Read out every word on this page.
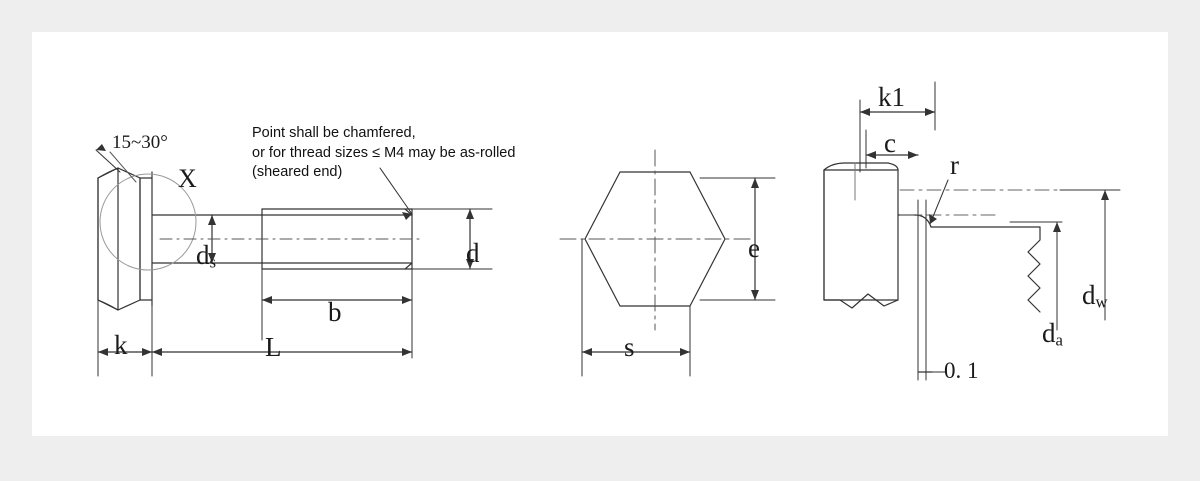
15~30°
X
Point shall be chamfered,
or for thread sizes ≤ M4 may be as-rolled
(sheared end)
$d_s$	d
b
L
k
e
s
k1
c
r
$d_w$
$d_a$
0. 1
